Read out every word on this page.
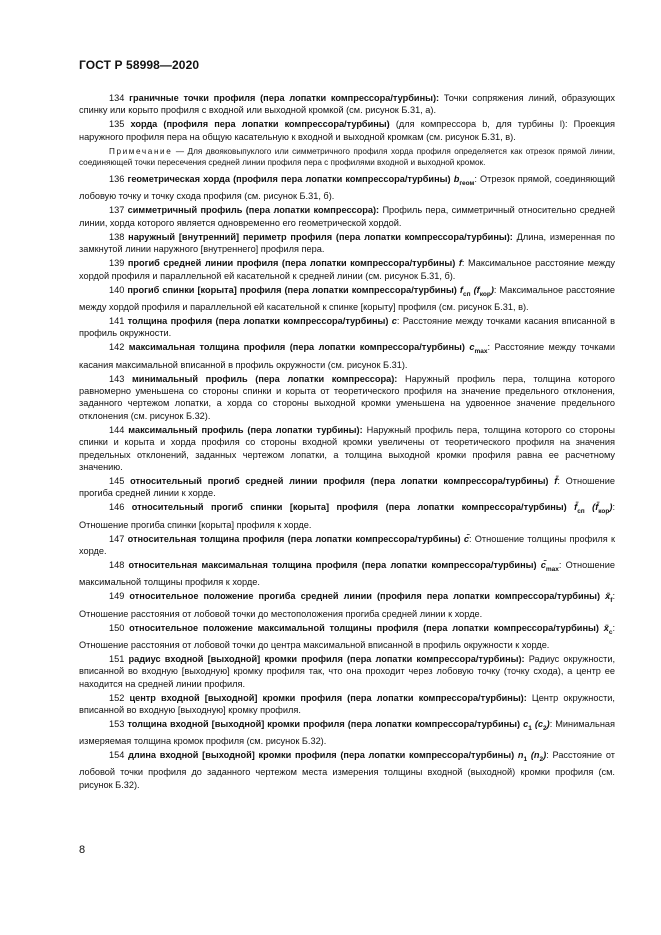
ГОСТ Р 58998—2020

134 граничные точки профиля (пера лопатки компрессора/турбины): Точки сопряжения линий, образующих спинку или корыто профиля с входной или выходной кромкой (см. рисунок Б.31, а).

135 хорда (профиля пера лопатки компрессора/турбины) (для компрессора b, для турбины l): Проекция наружного профиля пера на общую касательную к входной и выходной кромкам (см. рисунок Б.31, в).

Примечание — Для двояковыпуклого или симметричного профиля хорда профиля определяется как отрезок прямой линии, соединяющей точки пересечения средней линии профиля пера с профилями входной и выходной кромок.

136 геометрическая хорда (профиля пера лопатки компрессора/турбины) $b_{геом}$: Отрезок прямой, соединяющий лобовую точку и точку схода профиля (см. рисунок Б.31, б).

137 симметричный профиль (пера лопатки компрессора): Профиль пера, симметричный относительно средней линии, хорда которого является одновременно его геометрической хордой.

138 наружный [внутренний] периметр профиля (пера лопатки компрессора/турбины): Длина, измеренная по замкнутой линии наружного [внутреннего] профиля пера.

139 прогиб средней линии профиля (пера лопатки компрессора/турбины) f: Максимальное расстояние между хордой профиля и параллельной ей касательной к средней линии (см. рисунок Б.31, б).

140 прогиб спинки [корыта] профиля (пера лопатки компрессора/турбины) $f_{сп}$ $(f_{кор})$: Максимальное расстояние между хордой профиля и параллельной ей касательной к спинке [корыту] профиля (см. рисунок Б.31, в).

141 толщина профиля (пера лопатки компрессора/турбины) c: Расстояние между точками касания вписанной в профиль окружности.

142 максимальная толщина профиля (пера лопатки компрессора/турбины) $c_{max}$: Расстояние между точками касания максимальной вписанной в профиль окружности (см. рисунок Б.31).

143 минимальный профиль (пера лопатки компрессора): Наружный профиль пера, толщина которого равномерно уменьшена со стороны спинки и корыта от теоретического профиля на значение предельного отклонения, заданного чертежом лопатки, а хорда со стороны выходной кромки уменьшена на удвоенное значение предельного отклонения (см. рисунок Б.32).

144 максимальный профиль (пера лопатки турбины): Наружный профиль пера, толщина которого со стороны спинки и корыта и хорда профиля со стороны входной кромки увеличены от теоретического профиля на значения предельных отклонений, заданных чертежом лопатки, а толщина выходной кромки профиля равна ее расчетному значению.

145 относительный прогиб средней линии профиля (пера лопатки компрессора/турбины) f̄: Отношение прогиба средней линии к хорде.

146 относительный прогиб спинки [корыта] профиля (пера лопатки компрессора/турбины) $f̄_{сп}$ $(f̄_{кор})$: Отношение прогиба спинки [корыта] профиля к хорде.

147 относительная толщина профиля (пера лопатки компрессора/турбины) c̄: Отношение толщины профиля к хорде.

148 относительная максимальная толщина профиля (пера лопатки компрессора/турбины) $c̄_{max}$: Отношение максимальной толщины профиля к хорде.

149 относительное положение прогиба средней линии (профиля пера лопатки компрессора/турбины) $x̄_f$: Отношение расстояния от лобовой точки до местоположения прогиба средней линии к хорде.

150 относительное положение максимальной толщины профиля (пера лопатки компрессора/турбины) $x̄_c$: Отношение расстояния от лобовой точки до центра максимальной вписанной в профиль окружности к хорде.

151 радиус входной [выходной] кромки профиля (пера лопатки компрессора/турбины): Радиус окружности, вписанной во входную [выходную] кромку профиля так, что она проходит через лобовую точку (точку схода), а центр ее находится на средней линии профиля.

152 центр входной [выходной] кромки профиля (пера лопатки компрессора/турбины): Центр окружности, вписанной во входную [выходную] кромку профиля.

153 толщина входной [выходной] кромки профиля (пера лопатки компрессора/турбины) $c_1$ $(c_2)$: Минимальная измеряемая толщина кромок профиля (см. рисунок Б.32).

154 длина входной [выходной] кромки профиля (пера лопатки компрессора/турбины) $n_1$ $(n_2)$: Расстояние от лобовой точки профиля до заданного чертежом места измерения толщины входной (выходной) кромки профиля (см. рисунок Б.32).

8
